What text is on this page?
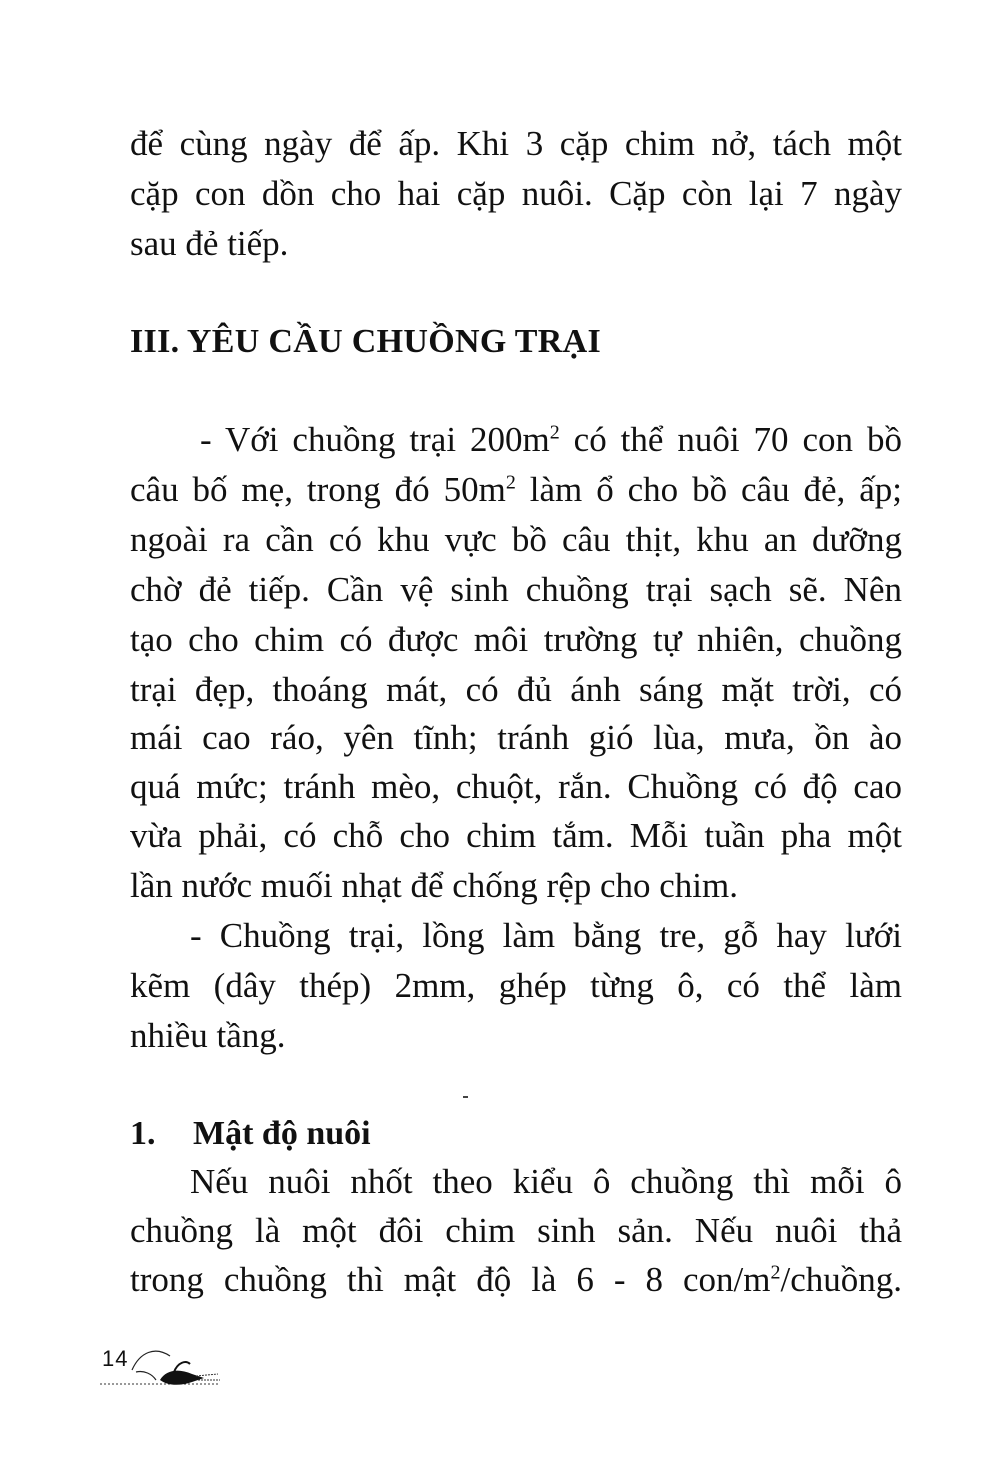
để cùng ngày để ấp. Khi 3 cặp chim nở, tách một
cặp con dồn cho hai cặp nuôi. Cặp còn lại 7 ngày
sau đẻ tiếp.
III. YÊU CẦU CHUỒNG TRẠI
- Với chuồng trại $200m^2$ có thể nuôi 70 con bồ
câu bố mẹ, trong đó $50m^2$ làm ổ cho bồ câu đẻ, ấp;
ngoài ra cần có khu vực bồ câu thịt, khu an dưỡng
chờ đẻ tiếp. Cần vệ sinh chuồng trại sạch sẽ. Nên
tạo cho chim có được môi trường tự nhiên, chuồng
trại đẹp, thoáng mát, có đủ ánh sáng mặt trời, có
mái cao ráo, yên tĩnh; tránh gió lùa, mưa, ồn ào
quá mức; tránh mèo, chuột, rắn. Chuồng có độ cao
vừa phải, có chỗ cho chim tắm. Mỗi tuần pha một
lần nước muối nhạt để chống rệp cho chim.
- Chuồng trại, lồng làm bằng tre, gỗ hay lưới
kẽm (dây thép) 2mm, ghép từng ô, có thể làm
nhiều tầng.
1. Mật độ nuôi
Nếu nuôi nhốt theo kiểu ô chuồng thì mỗi ô
chuồng là một đôi chim sinh sản. Nếu nuôi thả
trong chuồng thì mật độ là 6 - 8 con/$m^2$/chuồng.
14
